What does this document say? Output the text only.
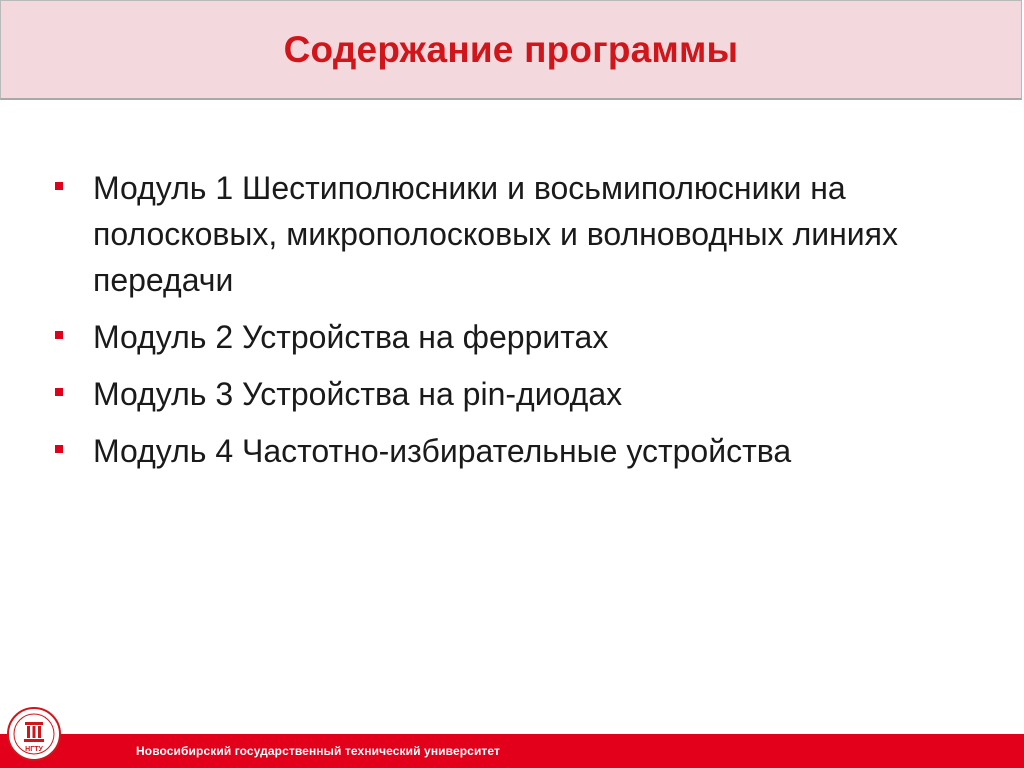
Содержание программы
Модуль 1 Шестиполюсники и восьмиполюсники на полосковых, микрополосковых и волноводных линиях передачи
Модуль 2 Устройства на ферритах
Модуль 3 Устройства на pin-диодах
Модуль 4 Частотно-избирательные устройства
Новосибирский государственный технический университет
НГТУ
